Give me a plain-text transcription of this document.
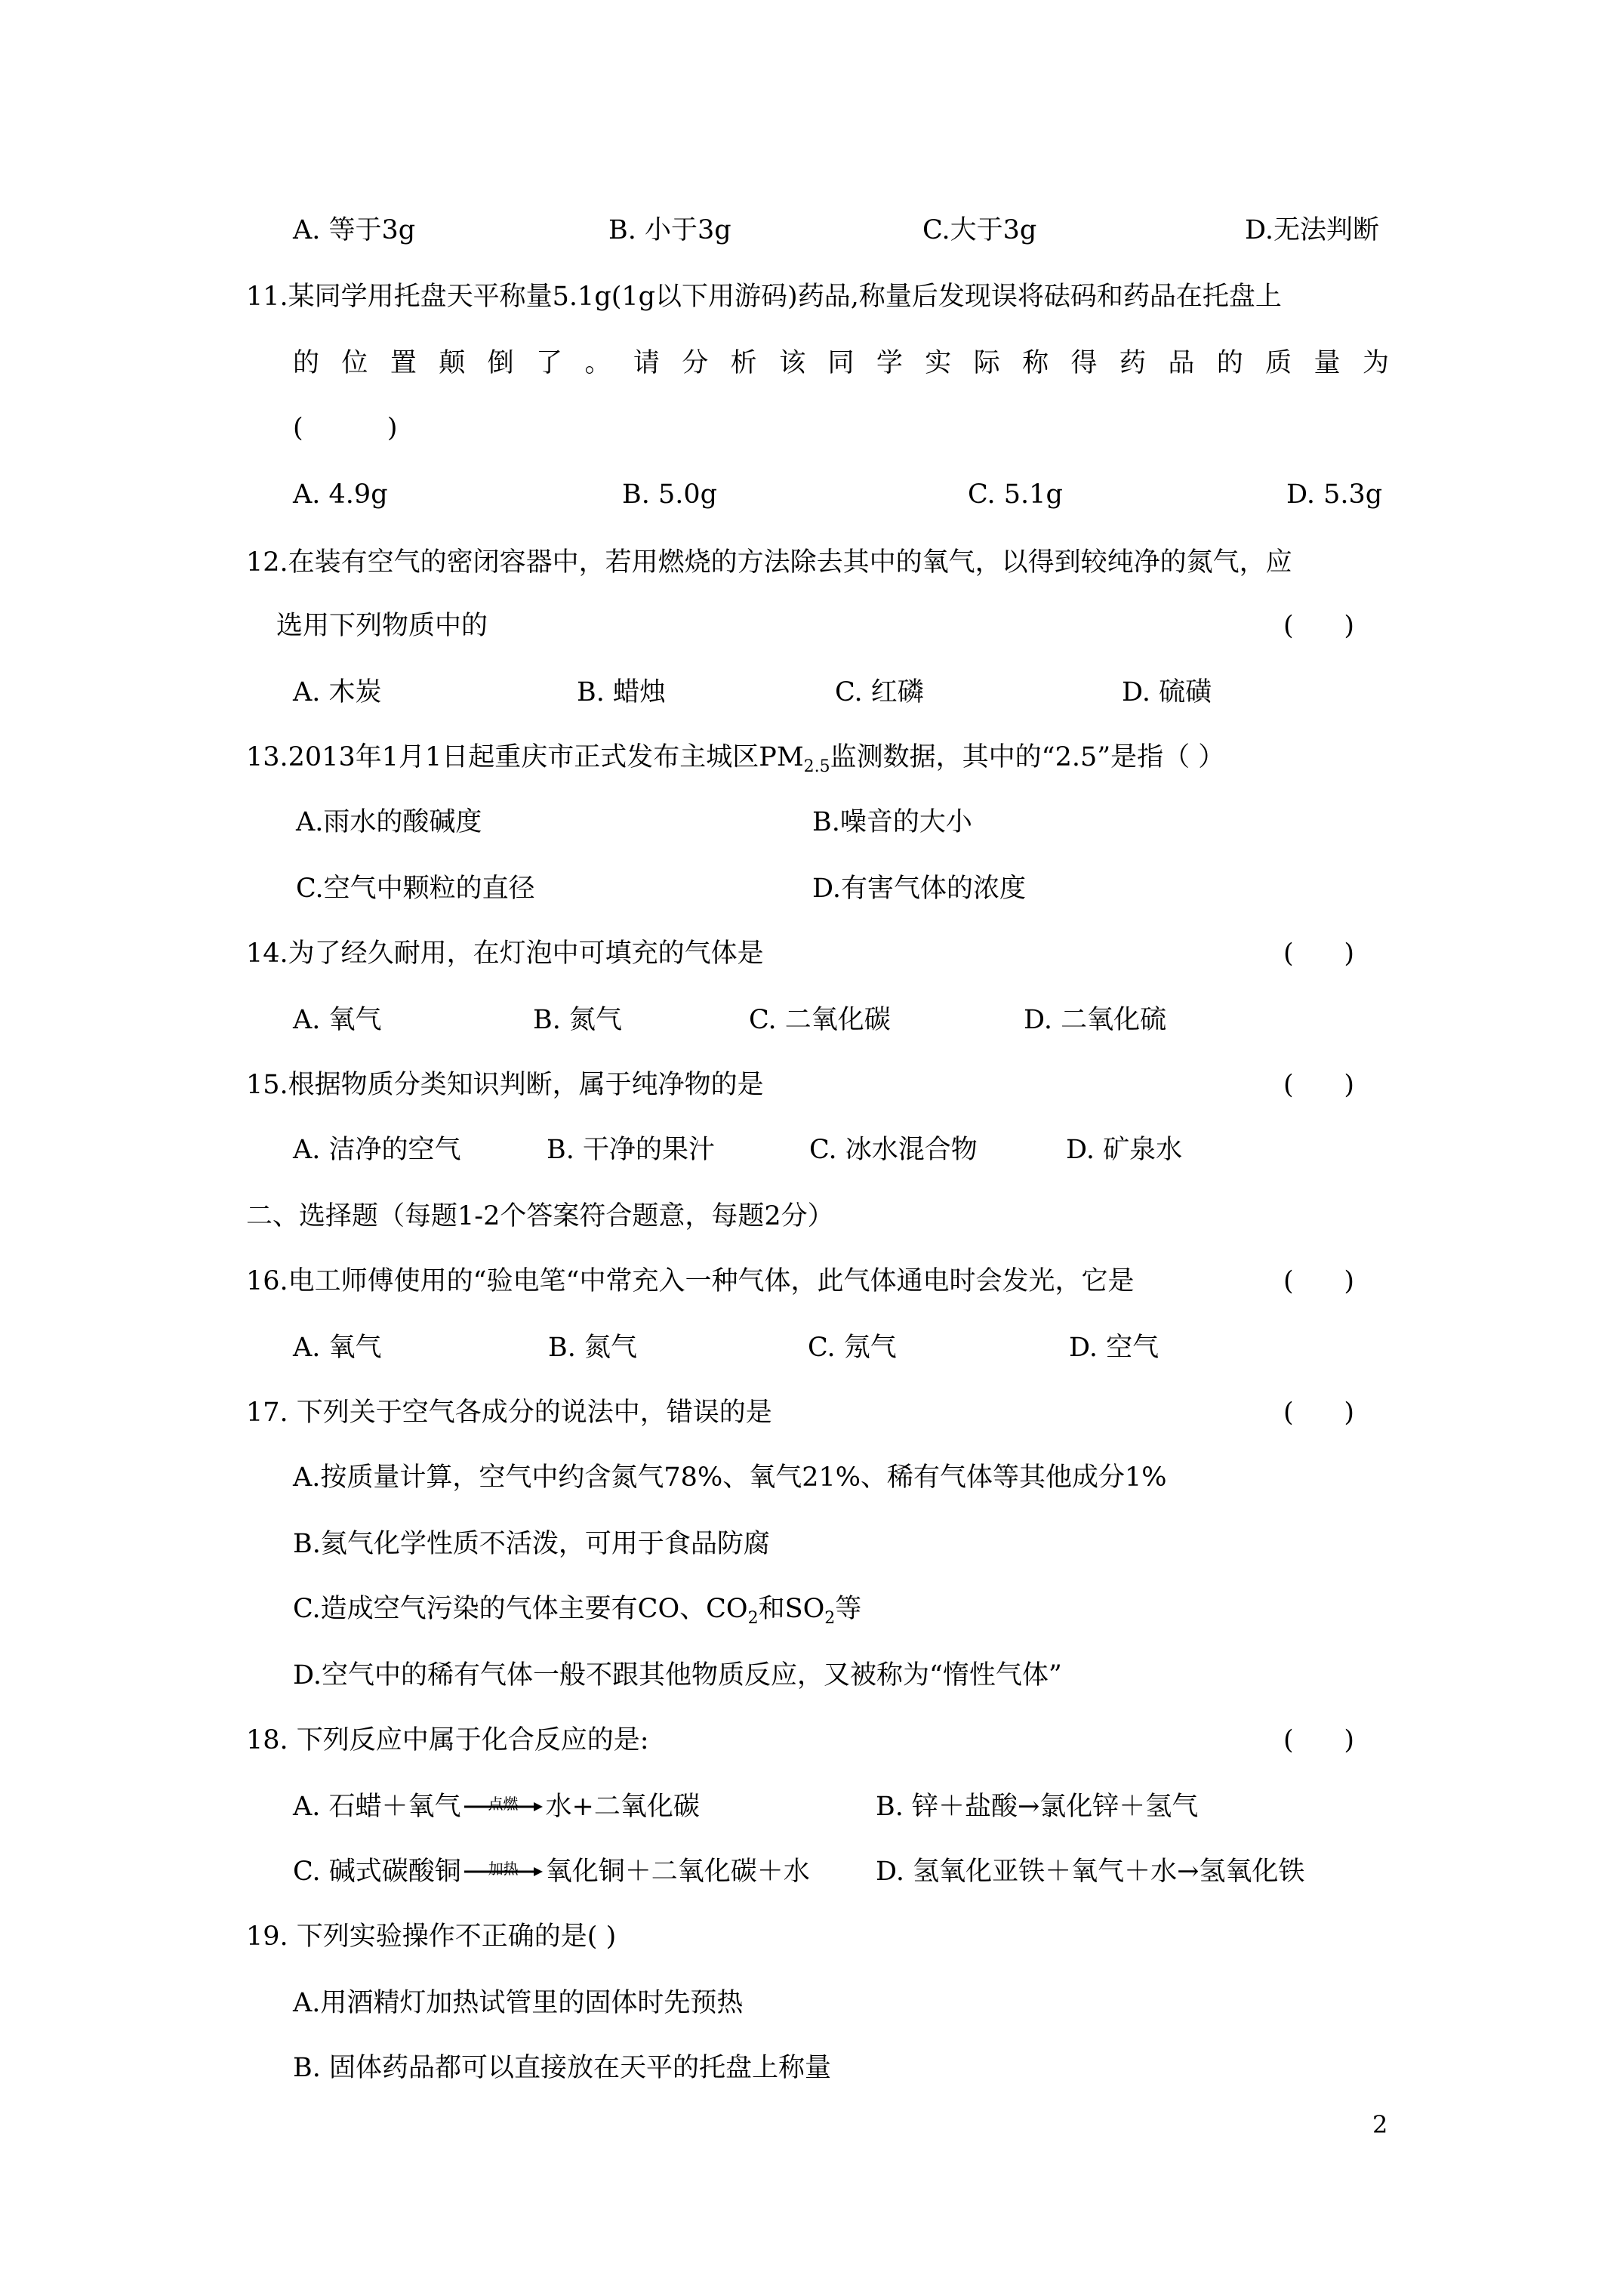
A. 等于3g	B. 小于3g	C.大于3g	D.无法判断
11.某同学用托盘天平称量5.1g(1g以下用游码)药品,称量后发现误将砝码和药品在托盘上
的 位 置 颠 倒 了 。 请 分 析 该 同 学 实 际 称 得 药 品 的 质 量 为
(          )
A. 4.9g	B. 5.0g	C. 5.1g	D. 5.3g
12.在装有空气的密闭容器中，若用燃烧的方法除去其中的氧气，以得到较纯净的氮气，应
选用下列物质中的	(      )
A. 木炭	B. 蜡烛	C. 红磷	D. 硫磺
13.2013年1月1日起重庆市正式发布主城区$PM_{2.5}$监测数据，其中的“2.5”是指（ ）
A.雨水的酸碱度	B.噪音的大小
C.空气中颗粒的直径	D.有害气体的浓度
14.为了经久耐用，在灯泡中可填充的气体是	(      )
A. 氧气	B. 氮气	C. 二氧化碳	D. 二氧化硫
15.根据物质分类知识判断，属于纯净物的是	(      )
A. 洁净的空气	B. 干净的果汁	C. 冰水混合物	D. 矿泉水
二、选择题（每题1-2个答案符合题意，每题2分）
16.电工师傅使用的“验电笔“中常充入一种气体，此气体通电时会发光，它是	(      )
A. 氧气	B. 氮气	C. 氖气	D. 空气
17. 下列关于空气各成分的说法中，错误的是	(      )
A.按质量计算，空气中约含氮气78%、氧气21%、稀有气体等其他成分1%
B.氦气化学性质不活泼，可用于食品防腐
C.造成空气污染的气体主要有CO、$CO_2$和$SO_2$等
D.空气中的稀有气体一般不跟其他物质反应，又被称为“惰性气体”
18. 下列反应中属于化合反应的是:	(      )
A. 石蜡＋氧气	点燃	水+二氧化碳	B. 锌＋盐酸→氯化锌＋氢气
C. 碱式碳酸铜	加热	氧化铜＋二氧化碳＋水 D. 氢氧化亚铁＋氧气＋水→氢氧化铁
19. 下列实验操作不正确的是( )
A.用酒精灯加热试管里的固体时先预热
B. 固体药品都可以直接放在天平的托盘上称量
2
